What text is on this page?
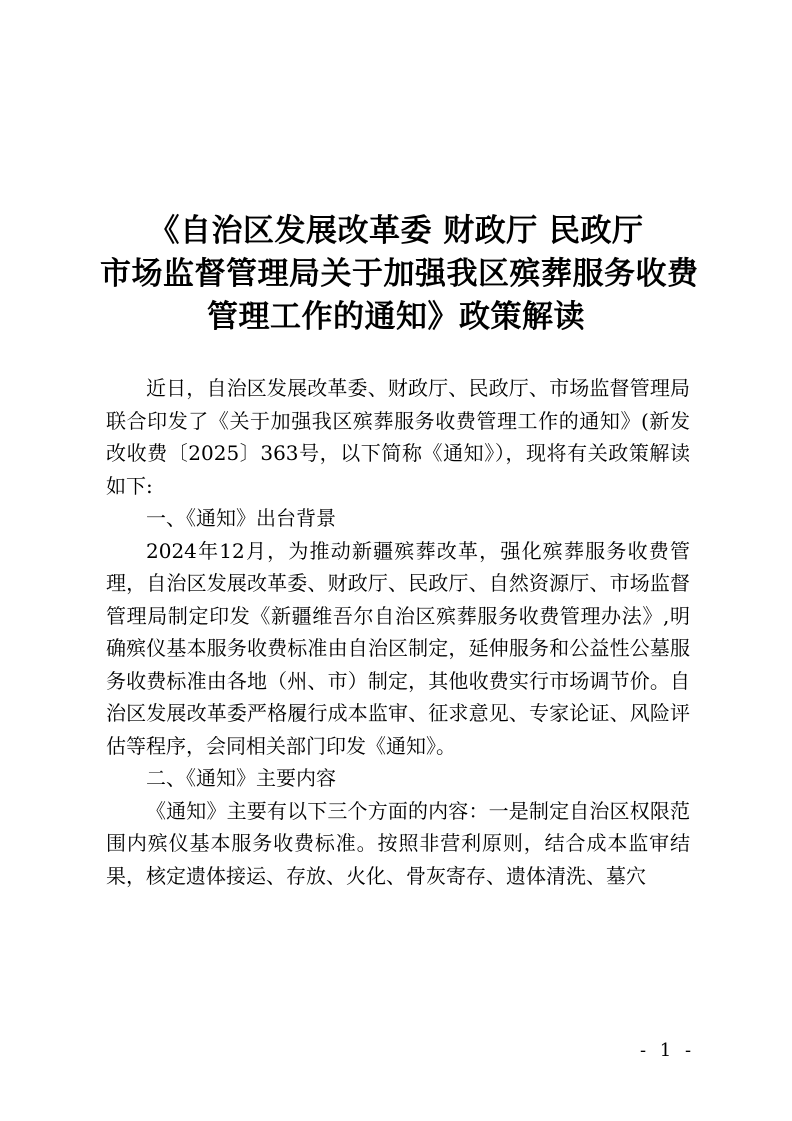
《自治区发展改革委 财政厅 民政厅
市场监督管理局关于加强我区殡葬服务收费
管理工作的通知》政策解读

近日，自治区发展改革委、财政厅、民政厅、市场监督管理局联合印发了《关于加强我区殡葬服务收费管理工作的通知》(新发改收费〔2025〕363号，以下简称《通知》），现将有关政策解读如下:

一、《通知》出台背景

2024年12月，为推动新疆殡葬改革，强化殡葬服务收费管理，自治区发展改革委、财政厅、民政厅、自然资源厅、市场监督管理局制定印发《新疆维吾尔自治区殡葬服务收费管理办法》,明确殡仪基本服务收费标准由自治区制定，延伸服务和公益性公墓服务收费标准由各地（州、市）制定，其他收费实行市场调节价。自治区发展改革委严格履行成本监审、征求意见、专家论证、风险评估等程序，会同相关部门印发《通知》。

二、《通知》主要内容

《通知》主要有以下三个方面的内容：一是制定自治区权限范围内殡仪基本服务收费标准。按照非营利原则，结合成本监审结果，核定遗体接运、存放、火化、骨灰寄存、遗体清洗、墓穴

- 1 -
